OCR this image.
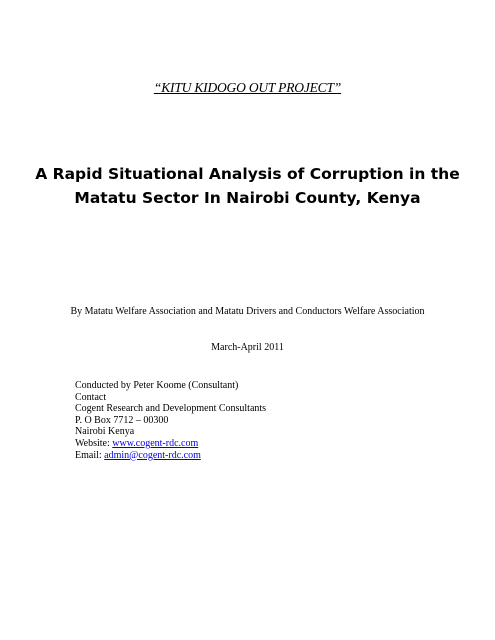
“KITU KIDOGO OUT PROJECT”
A Rapid Situational Analysis of Corruption in the
Matatu Sector In Nairobi County, Kenya
By Matatu Welfare Association and Matatu Drivers and Conductors Welfare Association
March-April 2011
Conducted by Peter Koome (Consultant)
Contact
Cogent Research and Development Consultants
P. O Box 7712 – 00300
Nairobi Kenya
Website: www.cogent-rdc.com
Email: admin@cogent-rdc.com
